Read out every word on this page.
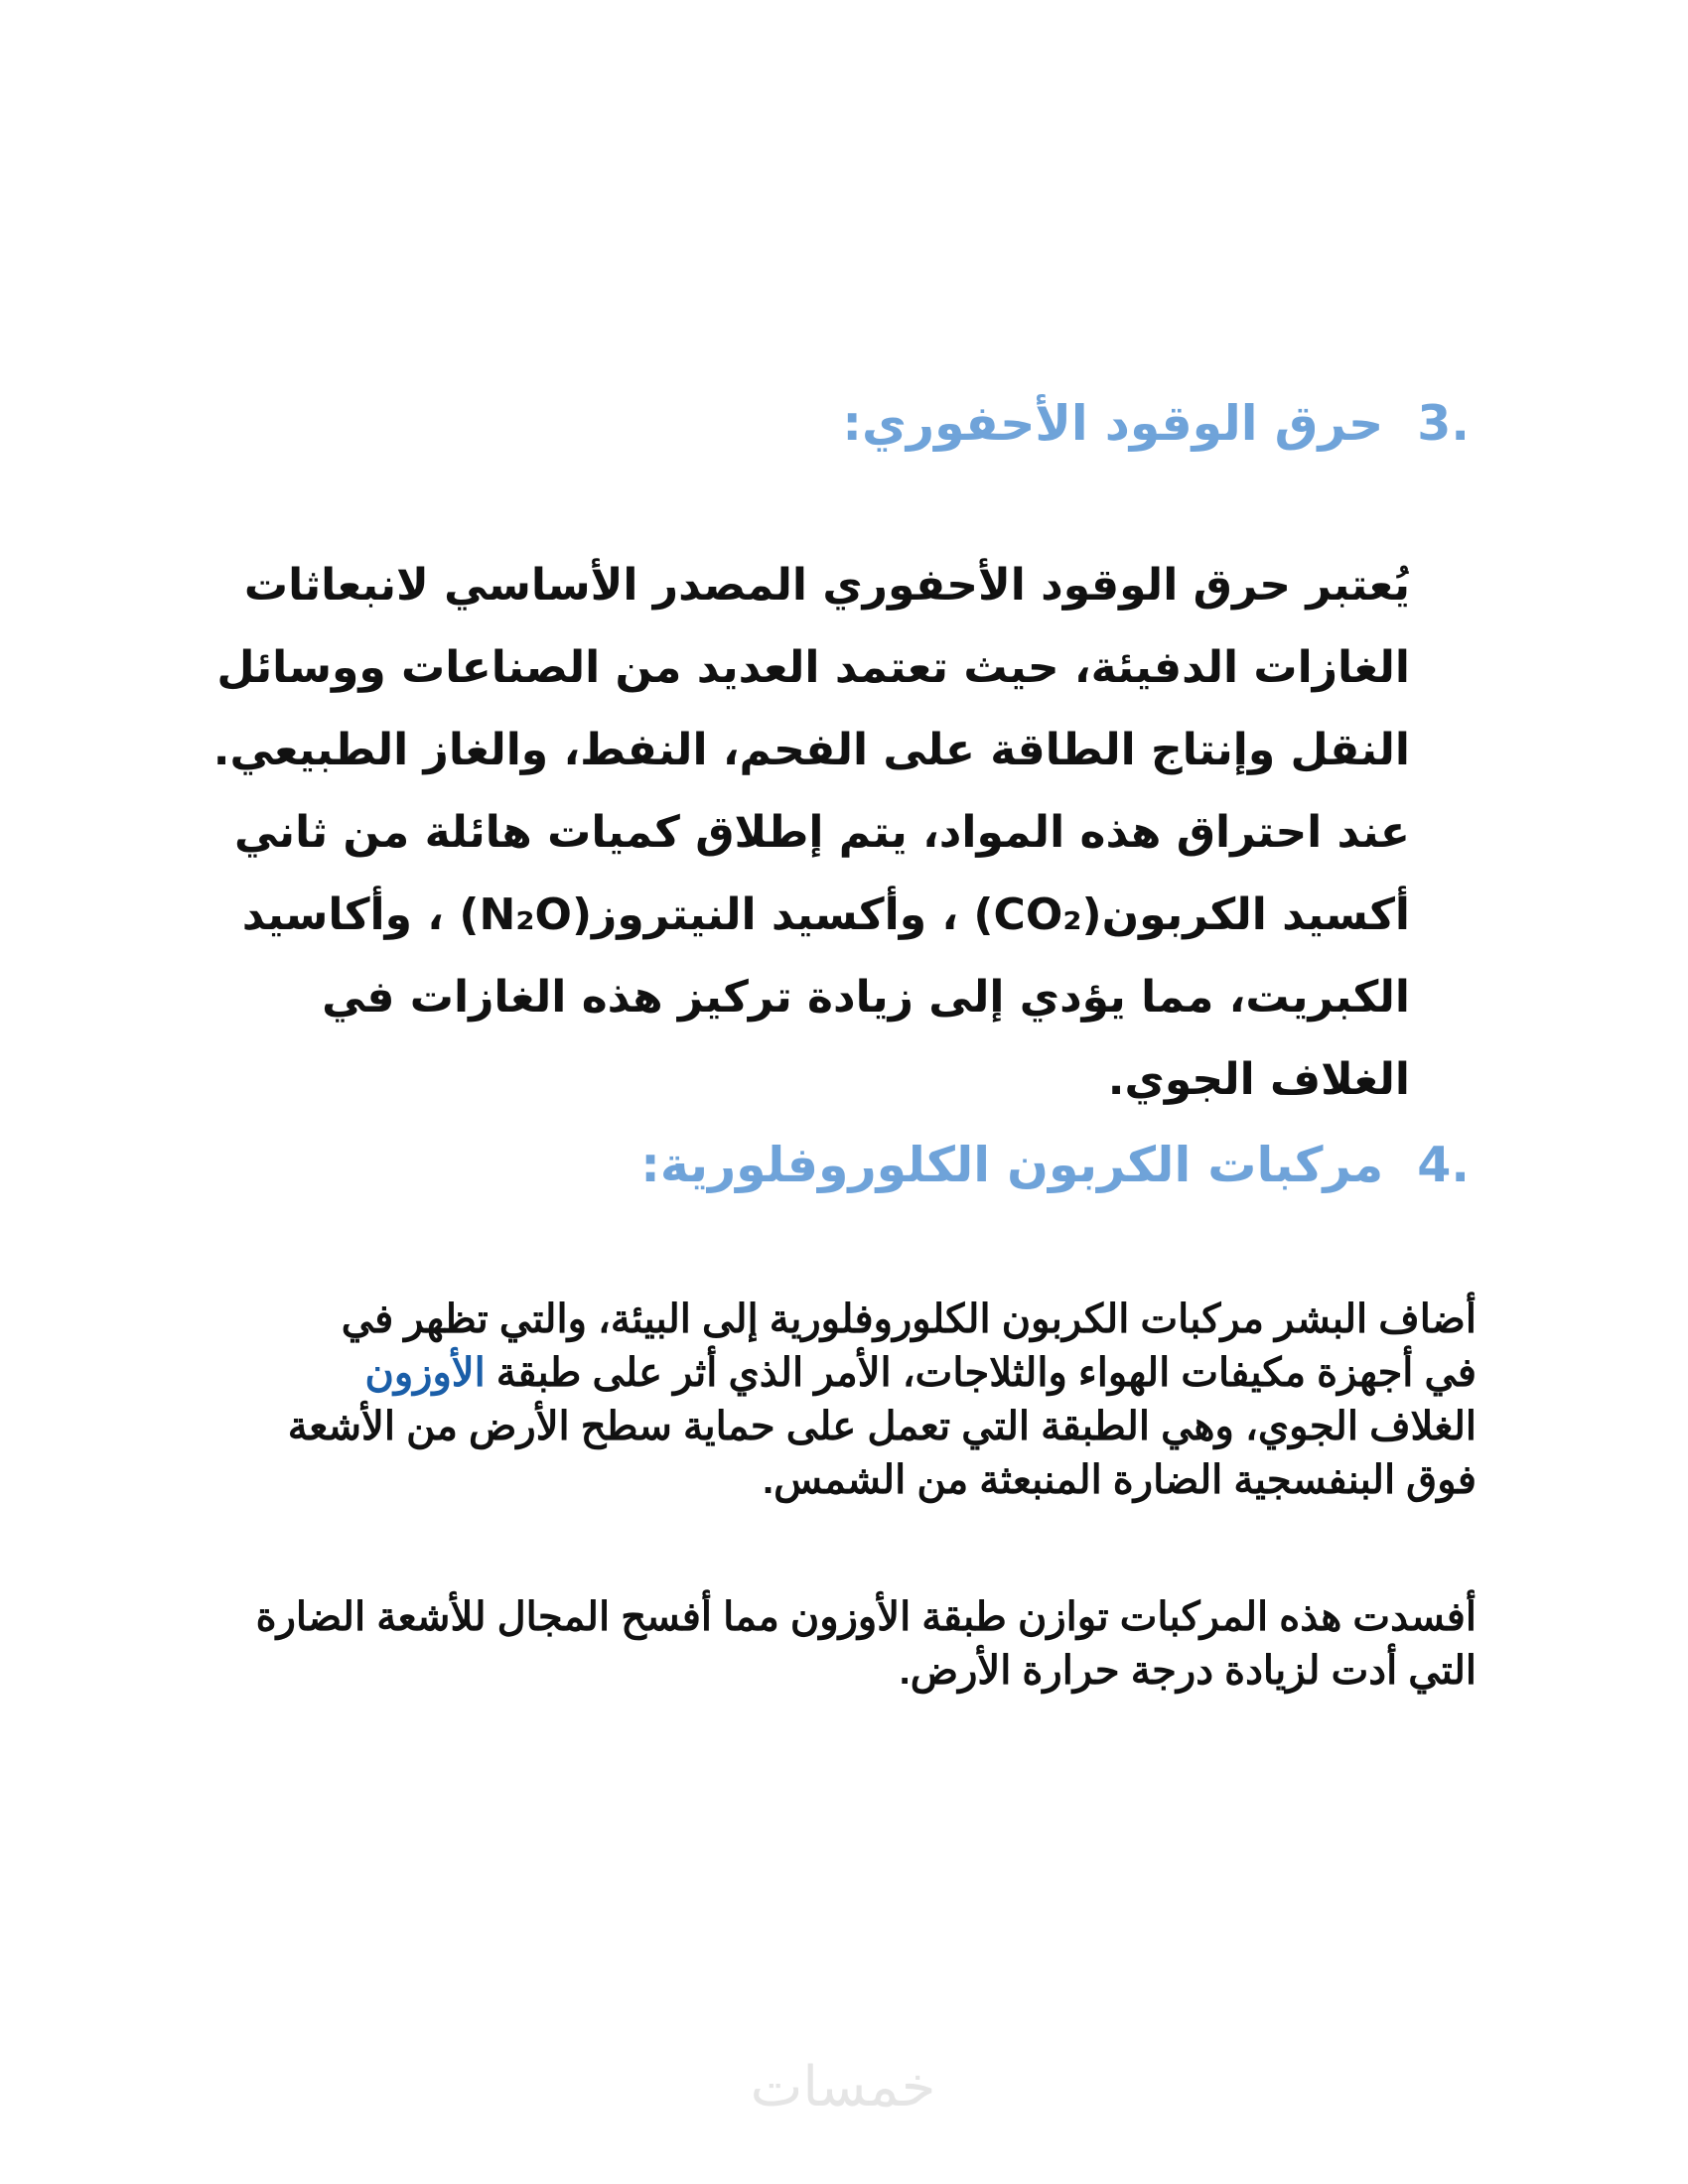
.3حرق الوقود الأحفوري:
يُعتبر حرق الوقود الأحفوري المصدر الأساسي لانبعاثات
الغازات الدفيئة، حيث تعتمد العديد من الصناعات ووسائل
النقل وإنتاج الطاقة على الفحم، النفط، والغاز الطبيعي.
عند احتراق هذه المواد، يتم إطلاق كميات هائلة من ثاني
أكسيد الكربون(CO₂) ، وأكسيد النيتروز(N₂O) ، وأكاسيد
الكبريت، مما يؤدي إلى زيادة تركيز هذه الغازات في
الغلاف الجوي.
.4مركبات الكربون الكلوروفلورية:
أضاف البشر مركبات الكربون الكلوروفلورية إلى البيئة، والتي تظهر في
في أجهزة مكيفات الهواء والثلاجات، الأمر الذي أثر على طبقة الأوزون
الغلاف الجوي، وهي الطبقة التي تعمل على حماية سطح الأرض من الأشعة
فوق البنفسجية الضارة المنبعثة من الشمس.
أفسدت هذه المركبات توازن طبقة الأوزون مما أفسح المجال للأشعة الضارة
التي أدت لزيادة درجة حرارة الأرض.
خمسات
